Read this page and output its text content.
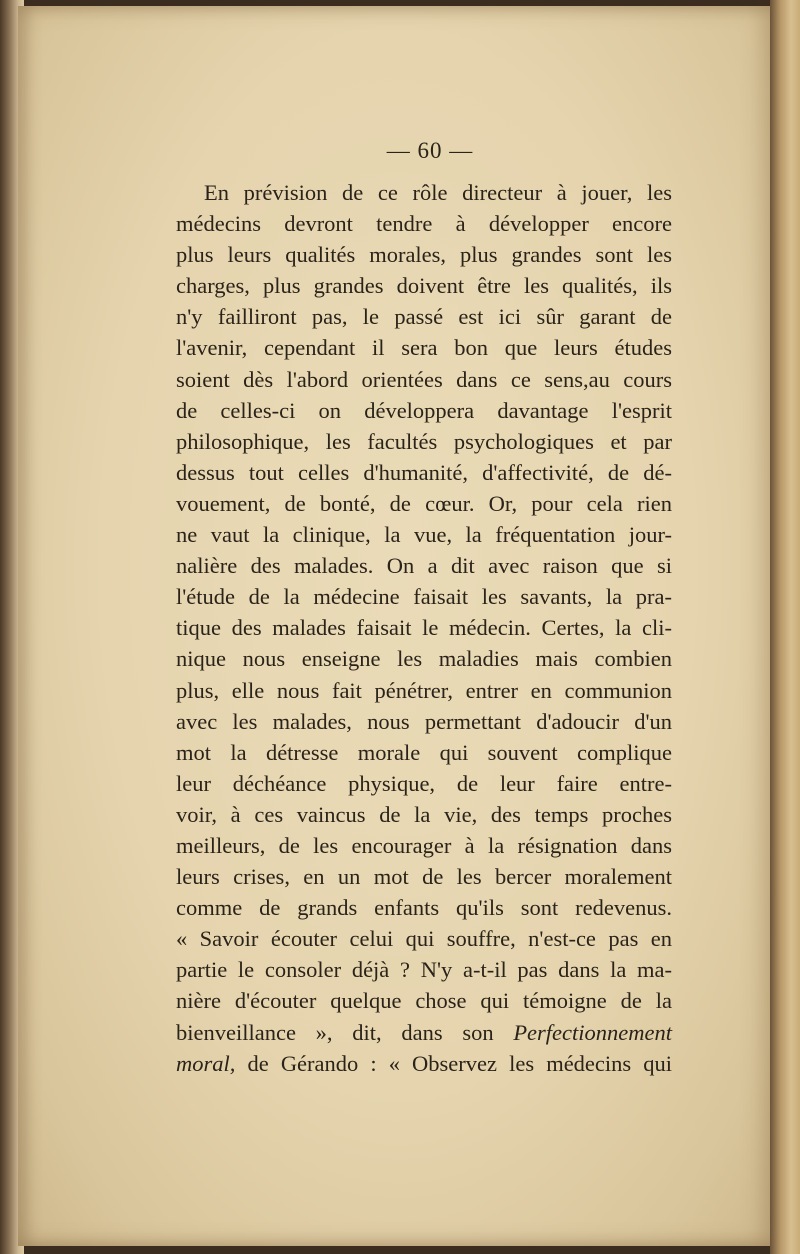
— 60 —
En prévision de ce rôle directeur à jouer, les
médecins devront tendre à développer encore
plus leurs qualités morales, plus grandes sont les
charges, plus grandes doivent être les qualités, ils
n'y failliront pas, le passé est ici sûr garant de
l'avenir, cependant il sera bon que leurs études
soient dès l'abord orientées dans ce sens,au cours
de celles-ci on développera davantage l'esprit
philosophique, les facultés psychologiques et par
dessus tout celles d'humanité, d'affectivité, de dé-
vouement, de bonté, de cœur. Or, pour cela rien
ne vaut la clinique, la vue, la fréquentation jour-
nalière des malades. On a dit avec raison que si
l'étude de la médecine faisait les savants, la pra-
tique des malades faisait le médecin. Certes, la cli-
nique nous enseigne les maladies mais combien
plus, elle nous fait pénétrer, entrer en communion
avec les malades, nous permettant d'adoucir d'un
mot la détresse morale qui souvent complique
leur déchéance physique, de leur faire entre-
voir, à ces vaincus de la vie, des temps proches
meilleurs, de les encourager à la résignation dans
leurs crises, en un mot de les bercer moralement
comme de grands enfants qu'ils sont redevenus.
« Savoir écouter celui qui souffre, n'est-ce pas en
partie le consoler déjà ? N'y a-t-il pas dans la ma-
nière d'écouter quelque chose qui témoigne de la
bienveillance », dit, dans son Perfectionnement
moral, de Gérando : « Observez les médecins qui
